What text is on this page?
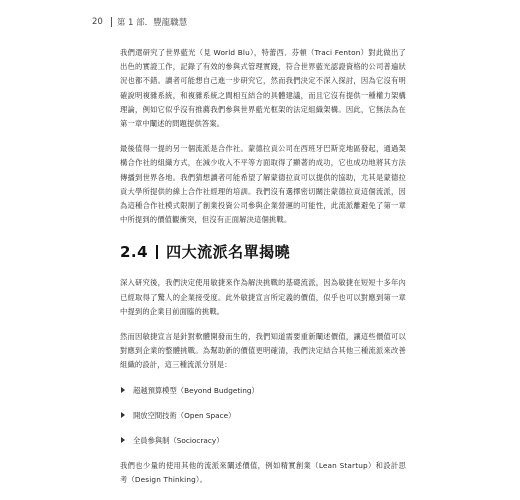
20 第 1 部．豐龍職慧

我們還研究了世界藍光（見 World Blu），特蕾西．芬頓（Traci Fenton）對此做出了出色的實證工作，記錄了有效的參與式管理實踐，符合世界藍光認證資格的公司普遍狀況也都不錯。讀者可能想自己進一步研究它，然而我們決定不深入探討，因為它沒有明確說明複雜系統，和複雜系統之間相互結合的具體建議，而且它沒有提供一種權力架構理論，例如它似乎沒有推薦我們參與世界藍光框架的法定組織架構。因此，它無法為在第一章中闡述的問題提供答案。

最後值得一提的另一個流派是合作社。蒙德拉貢公司在西班牙巴斯克地區發起，通過架構合作社的組織方式，在減少收入不平等方面取得了顯著的成功，它也成功地將其方法傳播到世界各地。我們猜想讀者可能希望了解蒙德拉貢可以提供的協助，尤其是蒙德拉貢大學所提供的線上合作社經理的培訓。我們沒有選擇密切關注蒙德拉貢這個流派，因為這種合作社模式限制了創業投資公司參與企業營運的可能性，此流派離避免了第一章中所提到的價值觀衝突，但沒有正面解決這個挑戰。

2.4 四大流派名單揭曉

深入研究後，我們決定使用敏捷來作為解決挑戰的基礎流派，因為敏捷在短短十多年內已經取得了驚人的企業接受度。此外敏捷宣言所定義的價值，似乎也可以對應到第一章中提到的企業目前面臨的挑戰。

然而因敏捷宣言是針對軟體開發而生的，我們知道需要重新闡述價值，讓這些價值可以對應到企業的整體挑戰。為幫助新的價值更明確清，我們決定結合其他三種流派來改善組織的設計，這三種流派分別是：

超越預算模型（Beyond Budgeting）
開放空間技術（Open Space）
全員參與制（Sociocracy）

我們也少量的使用其他的流派來闡述價值，例如精實創業（Lean Startup）和設計思考（Design Thinking）。
